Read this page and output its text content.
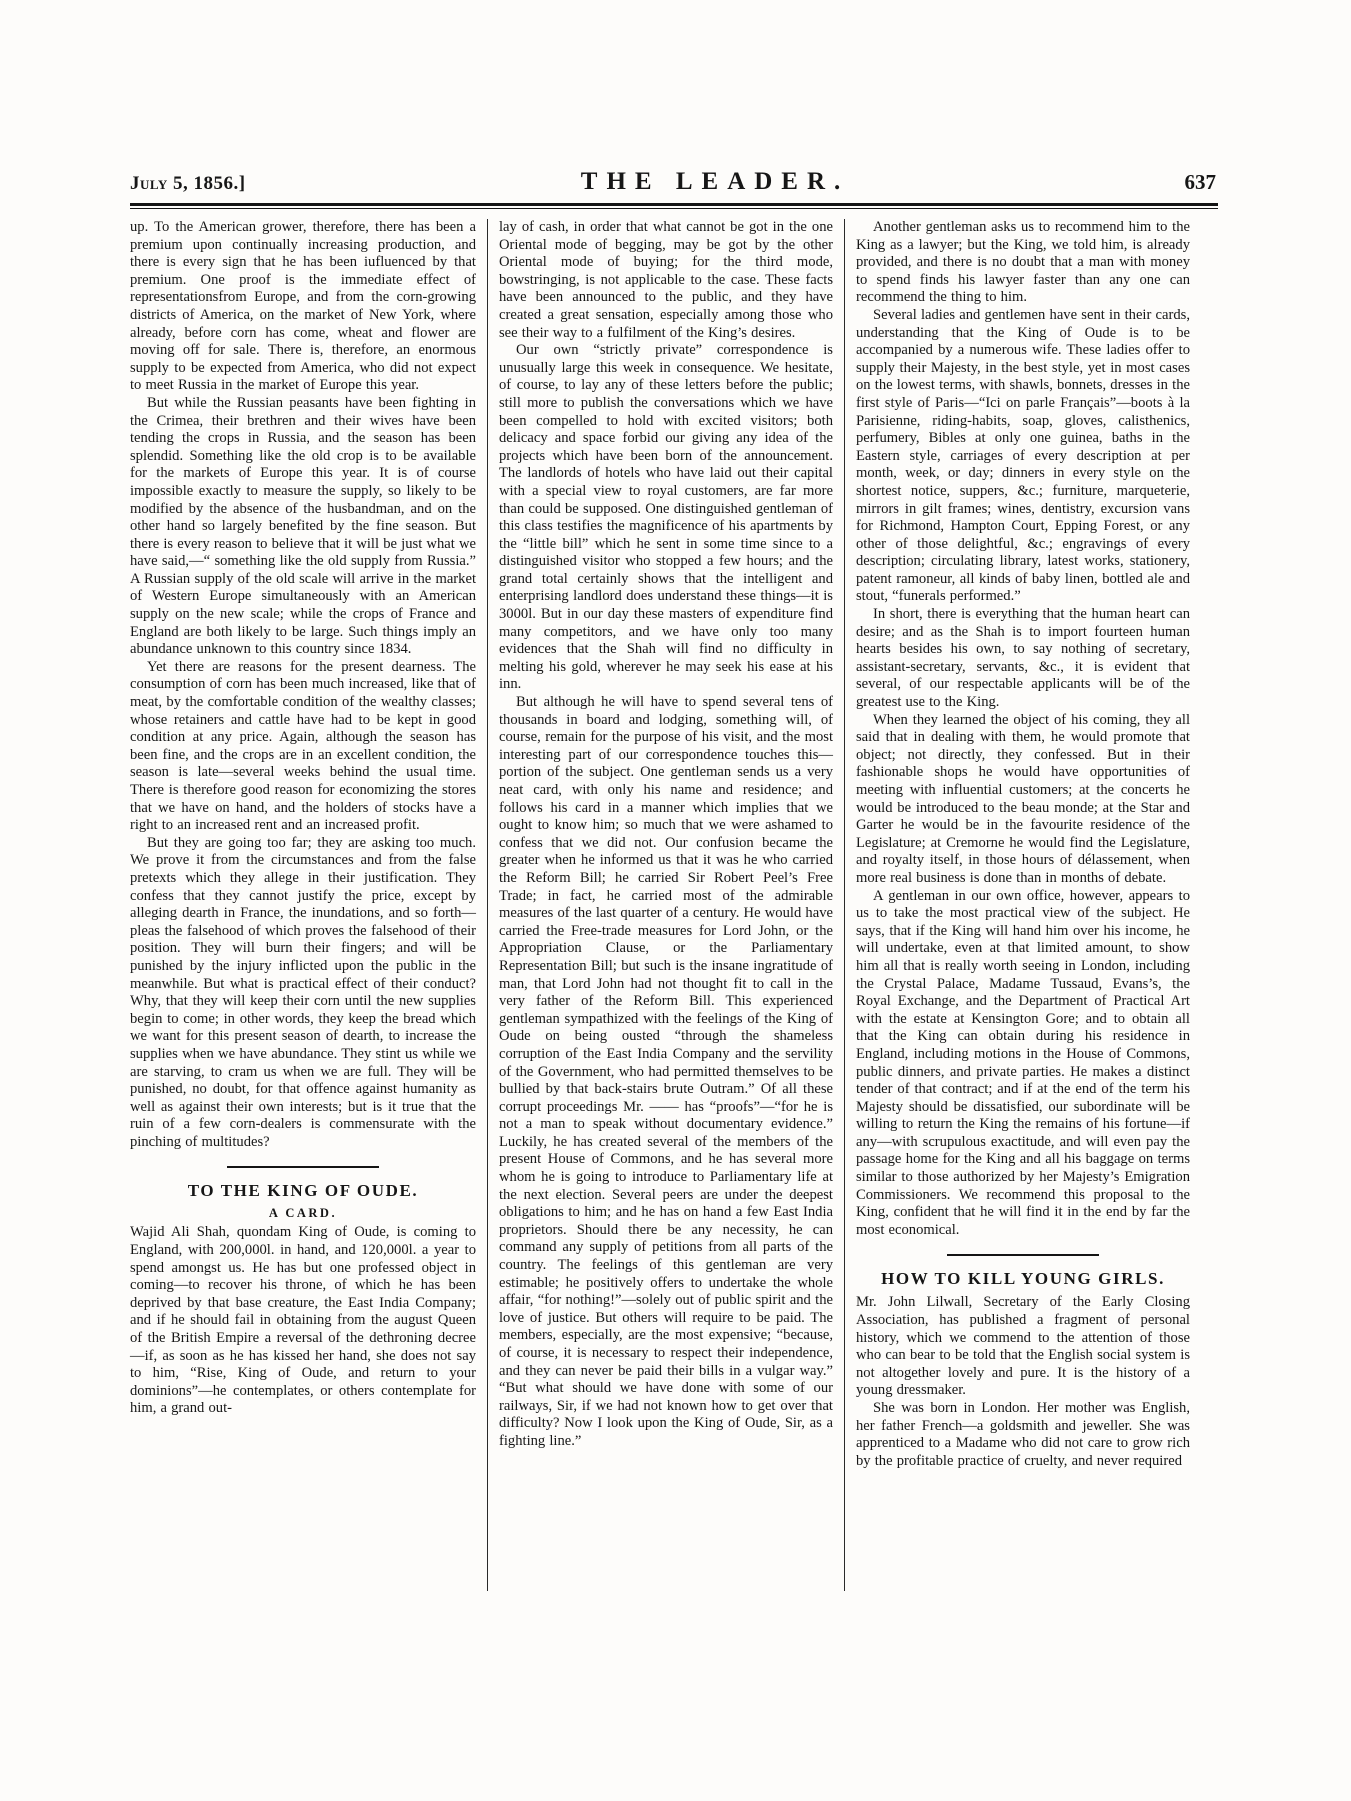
July 5, 1856.]	THE LEADER.	637

up. To the American grower, therefore, there has been a premium upon continually increasing production, and there is every sign that he has been iufluenced by that premium. One proof is the immediate effect of representationsfrom Europe, and from the corn-growing districts of America, on the market of New York, where already, before corn has come, wheat and flower are moving off for sale. There is, therefore, an enormous supply to be expected from America, who did not expect to meet Russia in the market of Europe this year.

But while the Russian peasants have been fighting in the Crimea, their brethren and their wives have been tending the crops in Russia, and the season has been splendid. Something like the old crop is to be available for the markets of Europe this year. It is of course impossible exactly to measure the supply, so likely to be modified by the absence of the husbandman, and on the other hand so largely benefited by the fine season. But there is every reason to believe that it will be just what we have said,—“ something like the old supply from Russia.” A Russian supply of the old scale will arrive in the market of Western Europe simultaneously with an American supply on the new scale; while the crops of France and England are both likely to be large. Such things imply an abundance unknown to this country since 1834.

Yet there are reasons for the present dearness. The consumption of corn has been much increased, like that of meat, by the comfortable condition of the wealthy classes; whose retainers and cattle have had to be kept in good condition at any price. Again, although the season has been fine, and the crops are in an excellent condition, the season is late—several weeks behind the usual time. There is therefore good reason for economizing the stores that we have on hand, and the holders of stocks have a right to an increased rent and an increased profit.

But they are going too far; they are asking too much. We prove it from the circumstances and from the false pretexts which they allege in their justification. They confess that they cannot justify the price, except by alleging dearth in France, the inundations, and so forth—pleas the falsehood of which proves the falsehood of their position. They will burn their fingers; and will be punished by the injury inflicted upon the public in the meanwhile. But what is practical effect of their conduct? Why, that they will keep their corn until the new supplies begin to come; in other words, they keep the bread which we want for this present season of dearth, to increase the supplies when we have abundance. They stint us while we are starving, to cram us when we are full. They will be punished, no doubt, for that offence against humanity as well as against their own interests; but is it true that the ruin of a few corn-dealers is commensurate with the pinching of multitudes?

TO THE KING OF OUDE.
A CARD.

Wajid Ali Shah, quondam King of Oude, is coming to England, with 200,000l. in hand, and 120,000l. a year to spend amongst us. He has but one professed object in coming—to recover his throne, of which he has been deprived by that base creature, the East India Company; and if he should fail in obtaining from the august Queen of the British Empire a reversal of the dethroning decree—if, as soon as he has kissed her hand, she does not say to him, “Rise, King of Oude, and return to your dominions”—he contemplates, or others contemplate for him, a grand out-

lay of cash, in order that what cannot be got in the one Oriental mode of begging, may be got by the other Oriental mode of buying; for the third mode, bowstringing, is not applicable to the case. These facts have been announced to the public, and they have created a great sensation, especially among those who see their way to a fulfilment of the King’s desires.

Our own “strictly private” correspondence is unusually large this week in consequence. We hesitate, of course, to lay any of these letters before the public; still more to publish the conversations which we have been compelled to hold with excited visitors; both delicacy and space forbid our giving any idea of the projects which have been born of the announcement. The landlords of hotels who have laid out their capital with a special view to royal customers, are far more than could be supposed. One distinguished gentleman of this class testifies the magnificence of his apartments by the “little bill” which he sent in some time since to a distinguished visitor who stopped a few hours; and the grand total certainly shows that the intelligent and enterprising landlord does understand these things—it is 3000l. But in our day these masters of expenditure find many competitors, and we have only too many evidences that the Shah will find no difficulty in melting his gold, wherever he may seek his ease at his inn.

But although he will have to spend several tens of thousands in board and lodging, something will, of course, remain for the purpose of his visit, and the most interesting part of our correspondence touches this—portion of the subject. One gentleman sends us a very neat card, with only his name and residence; and follows his card in a manner which implies that we ought to know him; so much that we were ashamed to confess that we did not. Our confusion became the greater when he informed us that it was he who carried the Reform Bill; he carried Sir Robert Peel’s Free Trade; in fact, he carried most of the admirable measures of the last quarter of a century. He would have carried the Free-trade measures for Lord John, or the Appropriation Clause, or the Parliamentary Representation Bill; but such is the insane ingratitude of man, that Lord John had not thought fit to call in the very father of the Reform Bill. This experienced gentleman sympathized with the feelings of the King of Oude on being ousted “through the shameless corruption of the East India Company and the servility of the Government, who had permitted themselves to be bullied by that back-stairs brute Outram.” Of all these corrupt proceedings Mr. —— has “proofs”—“for he is not a man to speak without documentary evidence.” Luckily, he has created several of the members of the present House of Commons, and he has several more whom he is going to introduce to Parliamentary life at the next election. Several peers are under the deepest obligations to him; and he has on hand a few East India proprietors. Should there be any necessity, he can command any supply of petitions from all parts of the country. The feelings of this gentleman are very estimable; he positively offers to undertake the whole affair, “for nothing!”—solely out of public spirit and the love of justice. But others will require to be paid. The members, especially, are the most expensive; “because, of course, it is necessary to respect their independence, and they can never be paid their bills in a vulgar way.” “But what should we have done with some of our railways, Sir, if we had not known how to get over that difficulty? Now I look upon the King of Oude, Sir, as a fighting line.”

Another gentleman asks us to recommend him to the King as a lawyer; but the King, we told him, is already provided, and there is no doubt that a man with money to spend finds his lawyer faster than any one can recommend the thing to him.

Several ladies and gentlemen have sent in their cards, understanding that the King of Oude is to be accompanied by a numerous wife. These ladies offer to supply their Majesty, in the best style, yet in most cases on the lowest terms, with shawls, bonnets, dresses in the first style of Paris—“Ici on parle Français”—boots à la Parisienne, riding-habits, soap, gloves, calisthenics, perfumery, Bibles at only one guinea, baths in the Eastern style, carriages of every description at per month, week, or day; dinners in every style on the shortest notice, suppers, &c.; furniture, marqueterie, mirrors in gilt frames; wines, dentistry, excursion vans for Richmond, Hampton Court, Epping Forest, or any other of those delightful, &c.; engravings of every description; circulating library, latest works, stationery, patent ramoneur, all kinds of baby linen, bottled ale and stout, “funerals performed.”

In short, there is everything that the human heart can desire; and as the Shah is to import fourteen human hearts besides his own, to say nothing of secretary, assistant-secretary, servants, &c., it is evident that several, of our respectable applicants will be of the greatest use to the King.

When they learned the object of his coming, they all said that in dealing with them, he would promote that object; not directly, they confessed. But in their fashionable shops he would have opportunities of meeting with influential customers; at the concerts he would be introduced to the beau monde; at the Star and Garter he would be in the favourite residence of the Legislature; at Cremorne he would find the Legislature, and royalty itself, in those hours of délassement, when more real business is done than in months of debate.

A gentleman in our own office, however, appears to us to take the most practical view of the subject. He says, that if the King will hand him over his income, he will undertake, even at that limited amount, to show him all that is really worth seeing in London, including the Crystal Palace, Madame Tussaud, Evans’s, the Royal Exchange, and the Department of Practical Art with the estate at Kensington Gore; and to obtain all that the King can obtain during his residence in England, including motions in the House of Commons, public dinners, and private parties. He makes a distinct tender of that contract; and if at the end of the term his Majesty should be dissatisfied, our subordinate will be willing to return the King the remains of his fortune—if any—with scrupulous exactitude, and will even pay the passage home for the King and all his baggage on terms similar to those authorized by her Majesty’s Emigration Commissioners. We recommend this proposal to the King, confident that he will find it in the end by far the most economical.

HOW TO KILL YOUNG GIRLS.

Mr. John Lilwall, Secretary of the Early Closing Association, has published a fragment of personal history, which we commend to the attention of those who can bear to be told that the English social system is not altogether lovely and pure. It is the history of a young dressmaker.

She was born in London. Her mother was English, her father French—a goldsmith and jeweller. She was apprenticed to a Madame who did not care to grow rich by the profitable practice of cruelty, and never required
